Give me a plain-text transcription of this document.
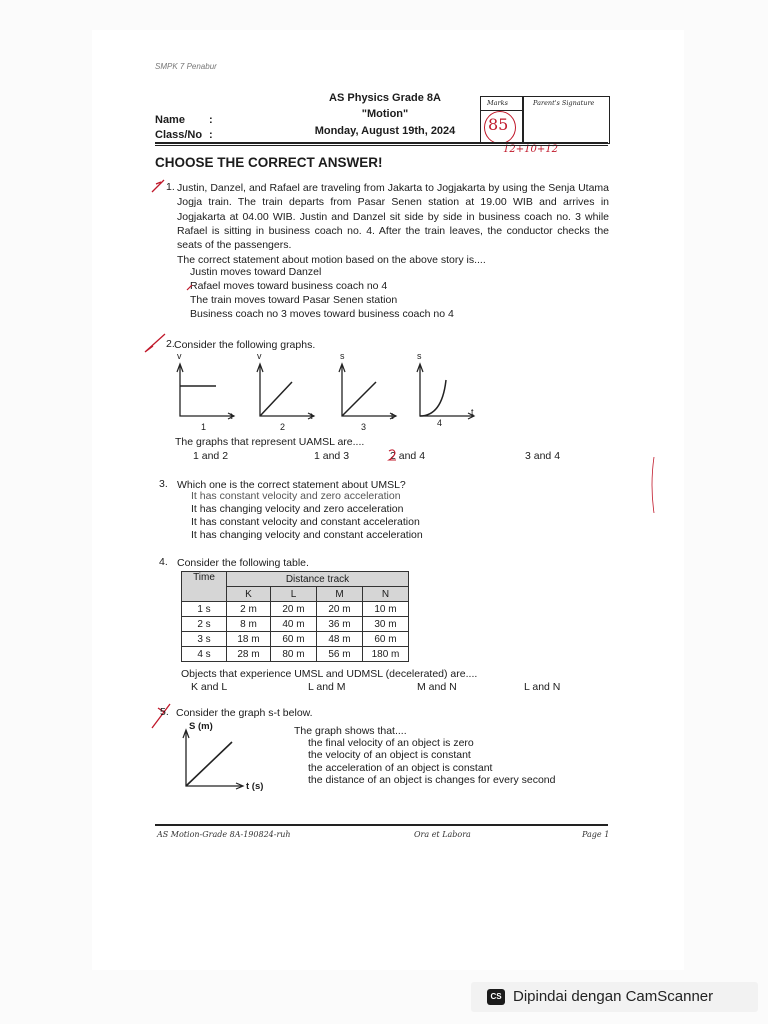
SMPK 7 Penabur
AS Physics Grade 8A
"Motion"
Monday, August 19th, 2024
Name :
Class/No :
Marks	Parent's Signature
85
12+10+12
CHOOSE THE CORRECT ANSWER!
1. Justin, Danzel, and Rafael are traveling from Jakarta to Jogjakarta by using the Senja Utama Jogja train. The train departs from Pasar Senen station at 19.00 WIB and arrives in Jogjakarta at 04.00 WIB. Justin and Danzel sit side by side in business coach no. 3 while Rafael is sitting in business coach no. 4. After the train leaves, the conductor checks the seats of the passengers.
The correct statement about motion based on the above story is....
Justin moves toward Danzel
Rafael moves toward business coach no 4
The train moves toward Pasar Senen station
Business coach no 3 moves toward business coach no 4
2. Consider the following graphs.
v
t
1
v
t
2
s
t
3
s
t
4
The graphs that represent UAMSL are....
1 and 2	1 and 3	2 and 4	3 and 4
3. Which one is the correct statement about UMSL?
It has constant velocity and zero acceleration
It has changing velocity and zero acceleration
It has constant velocity and constant acceleration
It has changing velocity and constant acceleration
4. Consider the following table.
Time	Distance track			
	K	L	M	N
1 s	2 m	20 m	20 m	10 m
2 s	8 m	40 m	36 m	30 m
3 s	18 m	60 m	48 m	60 m
4 s	28 m	80 m	56 m	180 m
Objects that experience UMSL and UDMSL (decelerated) are....
K and L	L and M	M and N	L and N
5. Consider the graph s-t below.
S (m)
t (s)
The graph shows that....
the final velocity of an object is zero
the velocity of an object is constant
the acceleration of an object is constant
the distance of an object is changes for every second
AS Motion-Grade 8A-190824-ruh	Ora et Labora	Page 1
CS Dipindai dengan CamScanner
